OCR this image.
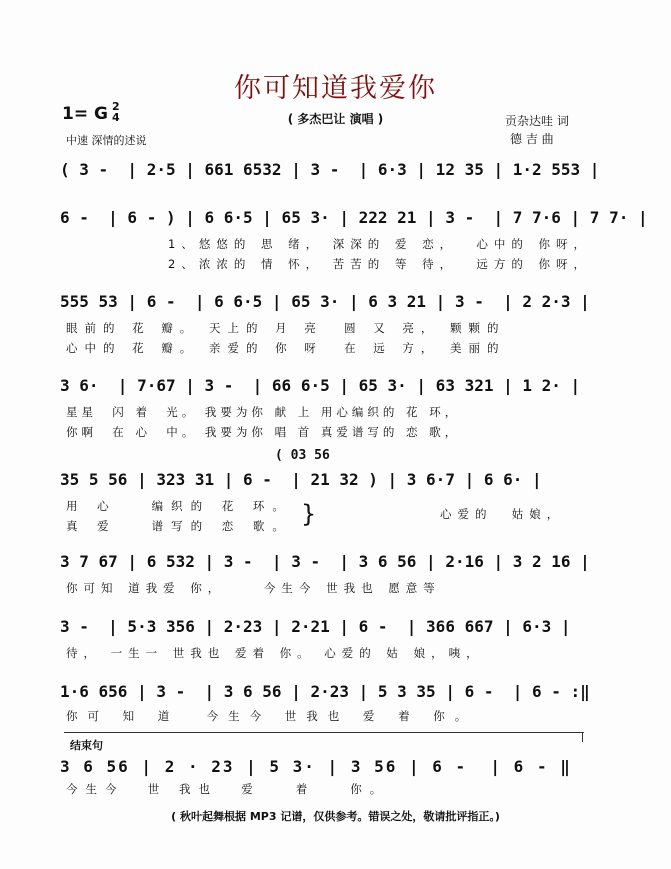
你可知道我爱你
1= G 2
4	( 多杰巴让 演唱 )	贡杂达哇 词
德 吉 曲
中速 深情的述说
( 3 -  | 2·5 | 661 6532 | 3 -  | 6·3 | 12 35 | 1·2 553 |
6 -  | 6 - ) | 6 6·5 | 65 3· | 222 21 | 3 -  | 7 7·6 | 7 7· |
1、悠悠的 思 绪， 深深的 爱 恋，  心中的 你呀，
2、浓浓的 情 怀， 苦苦的 等 待，  远方的 你呀，
555 53 | 6 -  | 6 6·5 | 65 3· | 6 3 21 | 3 -  | 2 2·3 |
眼前的 花 瓣。 天上的 月 亮  圆 又 亮， 颗颗的
心中的 花 瓣。 亲爱的 你 呀  在 远 方， 美丽的
3 6·  | 7·67 | 3 -  | 66 6·5 | 65 3· | 63 321 | 1 2· |
星星  闪 着  光。 我要为你 献 上 用心编织的 花 环，
你啊  在 心  中。 我要为你 唱 首 真爱谱写的 恋 歌，
( 03 56
35 5 56 | 323 31 | 6 -  | 21 32 ) | 3 6·7 | 6 6· |
用 心   编织的 花 环。
真 爱   谱写的 恋 歌。
心爱的  姑娘，
}
3 7 67 | 6 532 | 3 -  | 3 -  | 3 6 56 | 2·16 | 3 2 16 |
你可知 道我爱 你，    今生今 世我也 愿意等
3 -  | 5·3 356 | 2·23 | 2·21 | 6 -  | 366 667 | 6·3 |
待， 一生一 世我也 爱着 你。 心爱的 姑 娘，咦，
1·6 656 | 3 -  | 3 6 56 | 2·23 | 5 3 35 | 6 -  | 6 - :‖
你可 知 道  今生今 世我也 爱 着 你。
结束句
3 6 56 | 2 · 23 | 5 3· | 3 56 | 6 -  | 6 - ‖
今生今  世 我也  爱   着   你。
( 秋叶起舞根据 MP3 记谱，仅供参考。错误之处，敬请批评指正。)
